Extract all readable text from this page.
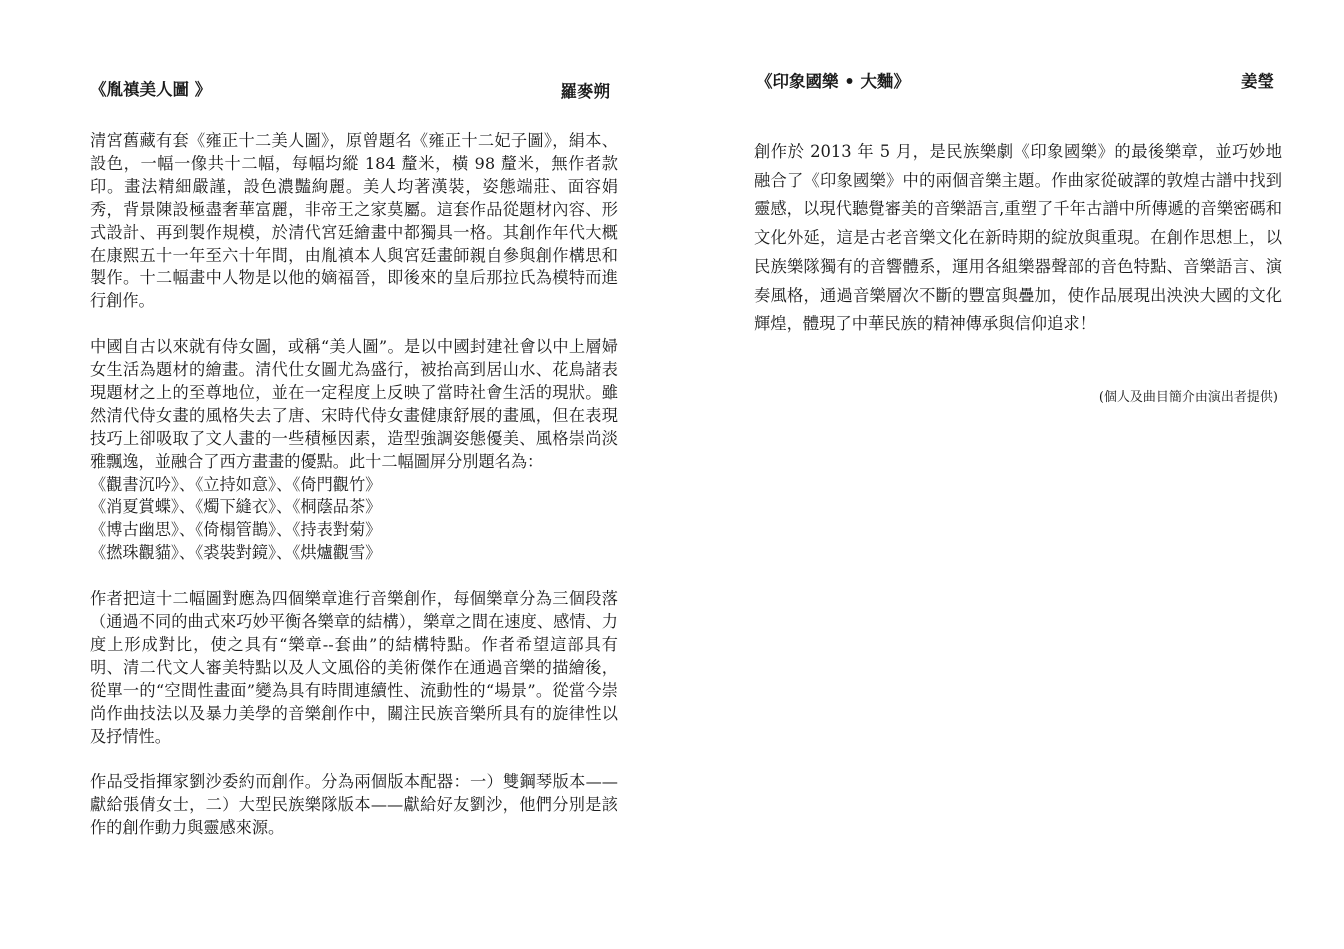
《胤禛美人圖 》	羅麥朔

清宮舊藏有套《雍正十二美人圖》，原曾題名《雍正十二妃子圖》，絹本、設色，一幅一像共十二幅，每幅均縱 184 釐米，橫 98 釐米，無作者款印。畫法精細嚴謹，設色濃豔絢麗。美人均著漢裝，姿態端莊、面容娟秀，背景陳設極盡奢華富麗，非帝王之家莫屬。這套作品從題材內容、形式設計、再到製作規模，於清代宮廷繪畫中都獨具一格。其創作年代大概在康熙五十一年至六十年間，由胤禛本人與宮廷畫師親自參與創作構思和製作。十二幅畫中人物是以他的嫡福晉，即後來的皇后那拉氏為模特而進行創作。

中國自古以來就有侍女圖，或稱“美人圖”。是以中國封建社會以中上層婦女生活為題材的繪畫。清代仕女圖尤為盛行，被抬高到居山水、花鳥諸表現題材之上的至尊地位，並在一定程度上反映了當時社會生活的現狀。雖然清代侍女畫的風格失去了唐、宋時代侍女畫健康舒展的畫風，但在表現技巧上卻吸取了文人畫的一些積極因素，造型強調姿態優美、風格崇尚淡雅飄逸，並融合了西方畫畫的優點。此十二幅圖屏分別題名為：

《觀書沉吟》、《立持如意》、《倚門觀竹》
《消夏賞蝶》、《燭下縫衣》、《桐蔭品茶》
《博古幽思》、《倚榻管鵲》、《持表對菊》
《撚珠觀貓》、《裘裝對鏡》、《烘爐觀雪》

作者把這十二幅圖對應為四個樂章進行音樂創作，每個樂章分為三個段落（通過不同的曲式來巧妙平衡各樂章的結構），樂章之間在速度、感情、力度上形成對比，使之具有“樂章--套曲”的結構特點。作者希望這部具有明、清二代文人審美特點以及人文風俗的美術傑作在通過音樂的描繪後，從單一的“空間性畫面”變為具有時間連續性、流動性的“場景”。從當今崇尚作曲技法以及暴力美學的音樂創作中，關注民族音樂所具有的旋律性以及抒情性。

作品受指揮家劉沙委約而創作。分為兩個版本配器：一）雙鋼琴版本——獻給張倩女士，二）大型民族樂隊版本——獻給好友劉沙，他們分別是該作的創作動力與靈感來源。

《印象國樂 • 大麯》	姜瑩

創作於 2013 年 5 月，是民族樂劇《印象國樂》的最後樂章，並巧妙地融合了《印象國樂》中的兩個音樂主題。作曲家從破譯的敦煌古譜中找到靈感，以現代聽覺審美的音樂語言,重塑了千年古譜中所傳遞的音樂密碼和文化外延，這是古老音樂文化在新時期的綻放與重現。在創作思想上，以民族樂隊獨有的音響體系，運用各組樂器聲部的音色特點、音樂語言、演奏風格，通過音樂層次不斷的豐富與疊加，使作品展現出泱泱大國的文化輝煌，體現了中華民族的精神傳承與信仰追求！

(個人及曲目簡介由演出者提供)
